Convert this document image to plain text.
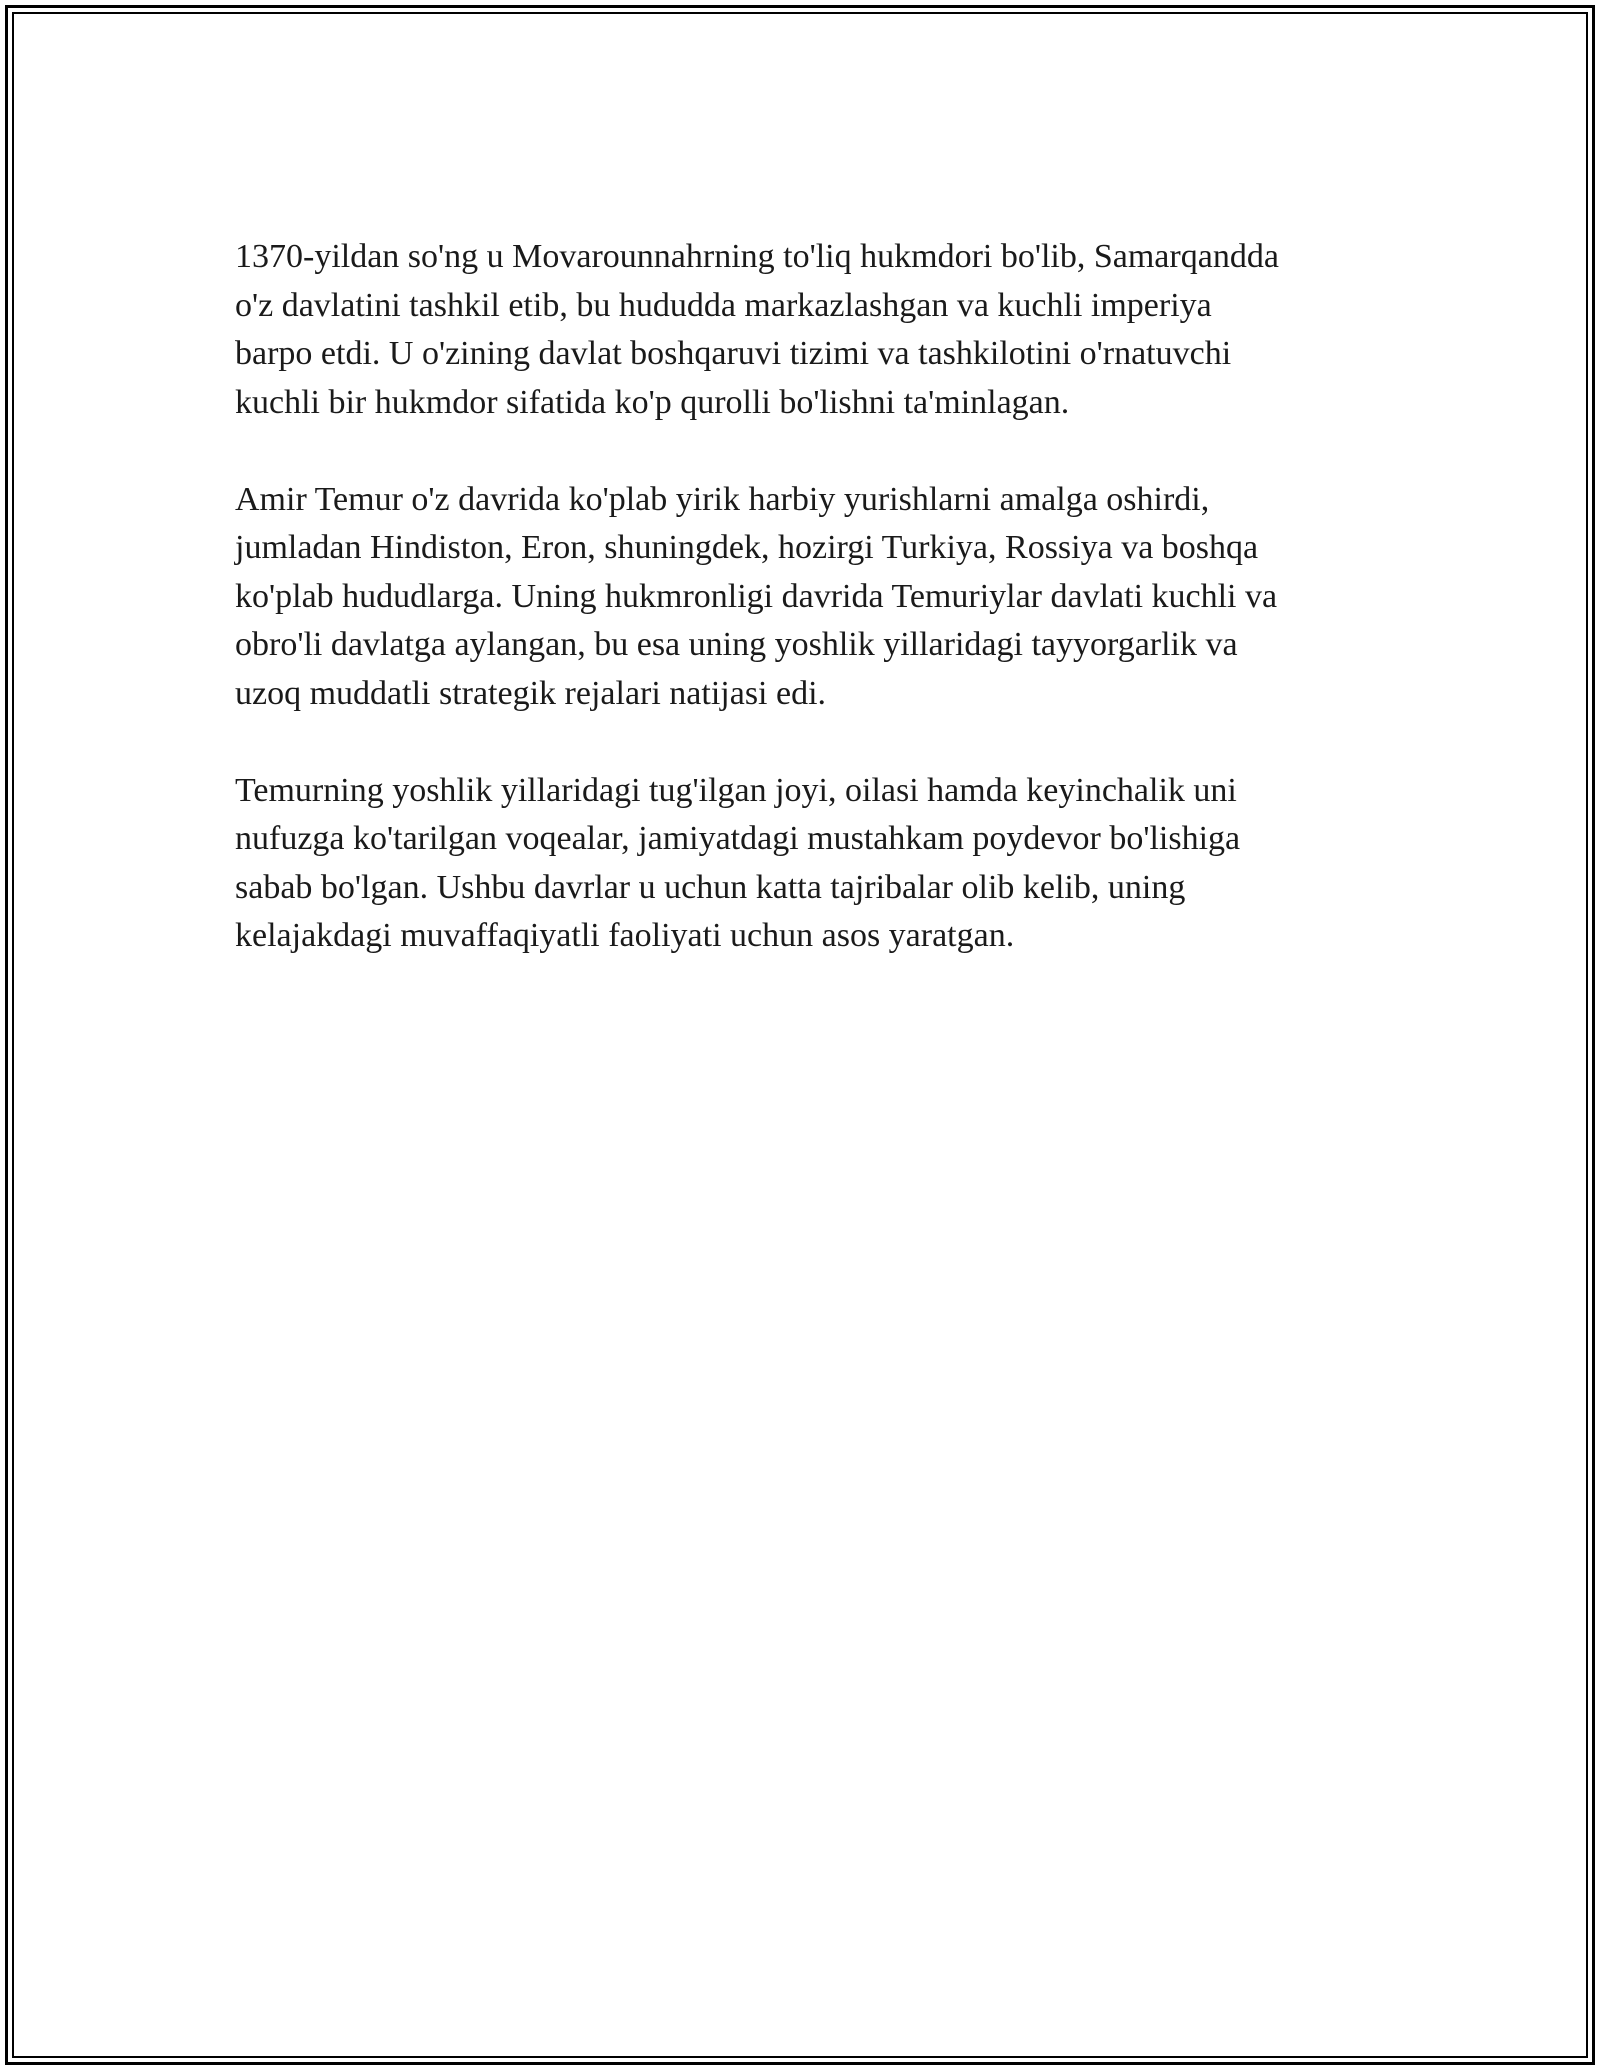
1370-yildan so'ng u Movarounnahrning to'liq hukmdori bo'lib, Samarqandda
o'z davlatini tashkil etib, bu hududda markazlashgan va kuchli imperiya
barpo etdi. U o'zining davlat boshqaruvi tizimi va tashkilotini o'rnatuvchi
kuchli bir hukmdor sifatida ko'p qurolli bo'lishni ta'minlagan.

Amir Temur o'z davrida ko'plab yirik harbiy yurishlarni amalga oshirdi,
jumladan Hindiston, Eron, shuningdek, hozirgi Turkiya, Rossiya va boshqa
ko'plab hududlarga. Uning hukmronligi davrida Temuriylar davlati kuchli va
obro'li davlatga aylangan, bu esa uning yoshlik yillaridagi tayyorgarlik va
uzoq muddatli strategik rejalari natijasi edi.

Temurning yoshlik yillaridagi tug'ilgan joyi, oilasi hamda keyinchalik uni
nufuzga ko'tarilgan voqealar, jamiyatdagi mustahkam poydevor bo'lishiga
sabab bo'lgan. Ushbu davrlar u uchun katta tajribalar olib kelib, uning
kelajakdagi muvaffaqiyatli faoliyati uchun asos yaratgan.
